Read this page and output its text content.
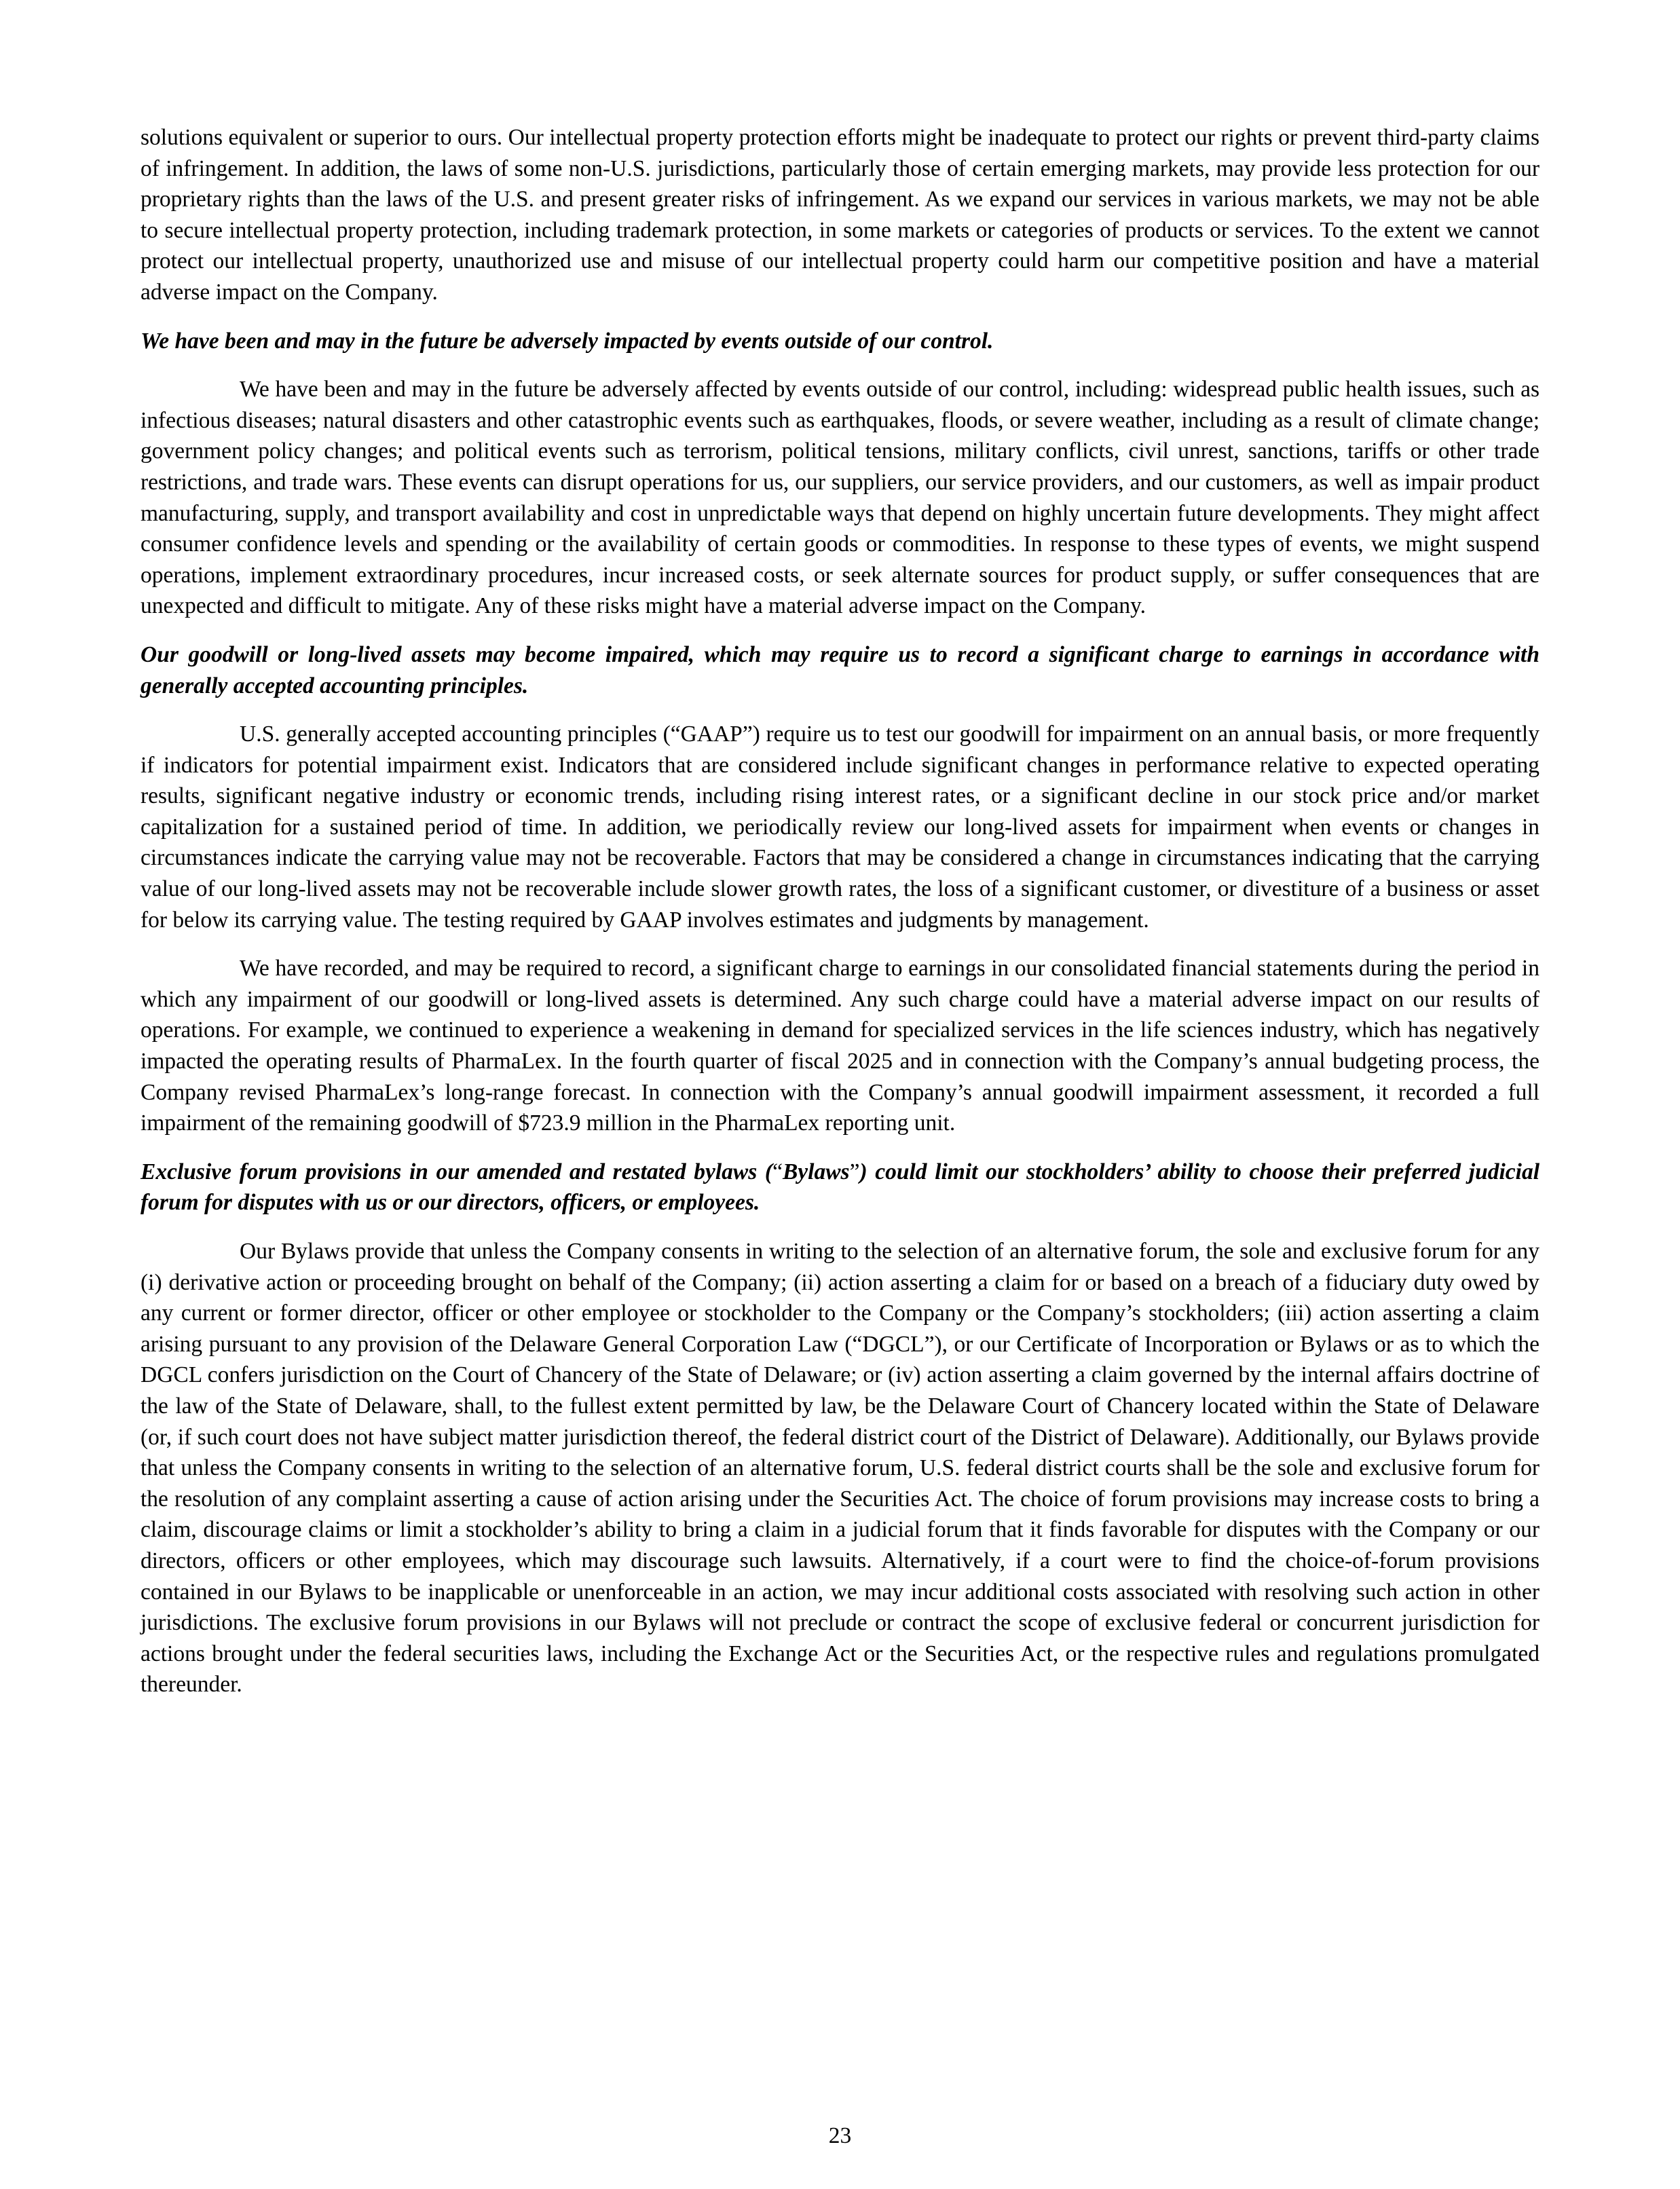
solutions equivalent or superior to ours. Our intellectual property protection efforts might be inadequate to protect our rights or prevent third-party claims of infringement. In addition, the laws of some non-U.S. jurisdictions, particularly those of certain emerging markets, may provide less protection for our proprietary rights than the laws of the U.S. and present greater risks of infringement. As we expand our services in various markets, we may not be able to secure intellectual property protection, including trademark protection, in some markets or categories of products or services. To the extent we cannot protect our intellectual property, unauthorized use and misuse of our intellectual property could harm our competitive position and have a material adverse impact on the Company.

We have been and may in the future be adversely impacted by events outside of our control.

We have been and may in the future be adversely affected by events outside of our control, including: widespread public health issues, such as infectious diseases; natural disasters and other catastrophic events such as earthquakes, floods, or severe weather, including as a result of climate change; government policy changes; and political events such as terrorism, political tensions, military conflicts, civil unrest, sanctions, tariffs or other trade restrictions, and trade wars. These events can disrupt operations for us, our suppliers, our service providers, and our customers, as well as impair product manufacturing, supply, and transport availability and cost in unpredictable ways that depend on highly uncertain future developments. They might affect consumer confidence levels and spending or the availability of certain goods or commodities. In response to these types of events, we might suspend operations, implement extraordinary procedures, incur increased costs, or seek alternate sources for product supply, or suffer consequences that are unexpected and difficult to mitigate. Any of these risks might have a material adverse impact on the Company.

Our goodwill or long-lived assets may become impaired, which may require us to record a significant charge to earnings in accordance with generally accepted accounting principles.

U.S. generally accepted accounting principles (“GAAP”) require us to test our goodwill for impairment on an annual basis, or more frequently if indicators for potential impairment exist. Indicators that are considered include significant changes in performance relative to expected operating results, significant negative industry or economic trends, including rising interest rates, or a significant decline in our stock price and/or market capitalization for a sustained period of time. In addition, we periodically review our long-lived assets for impairment when events or changes in circumstances indicate the carrying value may not be recoverable. Factors that may be considered a change in circumstances indicating that the carrying value of our long-lived assets may not be recoverable include slower growth rates, the loss of a significant customer, or divestiture of a business or asset for below its carrying value. The testing required by GAAP involves estimates and judgments by management.

We have recorded, and may be required to record, a significant charge to earnings in our consolidated financial statements during the period in which any impairment of our goodwill or long-lived assets is determined. Any such charge could have a material adverse impact on our results of operations. For example, we continued to experience a weakening in demand for specialized services in the life sciences industry, which has negatively impacted the operating results of PharmaLex. In the fourth quarter of fiscal 2025 and in connection with the Company’s annual budgeting process, the Company revised PharmaLex’s long-range forecast. In connection with the Company’s annual goodwill impairment assessment, it recorded a full impairment of the remaining goodwill of $723.9 million in the PharmaLex reporting unit.

Exclusive forum provisions in our amended and restated bylaws (“Bylaws”) could limit our stockholders’ ability to choose their preferred judicial forum for disputes with us or our directors, officers, or employees.

Our Bylaws provide that unless the Company consents in writing to the selection of an alternative forum, the sole and exclusive forum for any (i) derivative action or proceeding brought on behalf of the Company; (ii) action asserting a claim for or based on a breach of a fiduciary duty owed by any current or former director, officer or other employee or stockholder to the Company or the Company’s stockholders; (iii) action asserting a claim arising pursuant to any provision of the Delaware General Corporation Law (“DGCL”), or our Certificate of Incorporation or Bylaws or as to which the DGCL confers jurisdiction on the Court of Chancery of the State of Delaware; or (iv) action asserting a claim governed by the internal affairs doctrine of the law of the State of Delaware, shall, to the fullest extent permitted by law, be the Delaware Court of Chancery located within the State of Delaware (or, if such court does not have subject matter jurisdiction thereof, the federal district court of the District of Delaware). Additionally, our Bylaws provide that unless the Company consents in writing to the selection of an alternative forum, U.S. federal district courts shall be the sole and exclusive forum for the resolution of any complaint asserting a cause of action arising under the Securities Act. The choice of forum provisions may increase costs to bring a claim, discourage claims or limit a stockholder’s ability to bring a claim in a judicial forum that it finds favorable for disputes with the Company or our directors, officers or other employees, which may discourage such lawsuits. Alternatively, if a court were to find the choice-of-forum provisions contained in our Bylaws to be inapplicable or unenforceable in an action, we may incur additional costs associated with resolving such action in other jurisdictions. The exclusive forum provisions in our Bylaws will not preclude or contract the scope of exclusive federal or concurrent jurisdiction for actions brought under the federal securities laws, including the Exchange Act or the Securities Act, or the respective rules and regulations promulgated thereunder.

23
